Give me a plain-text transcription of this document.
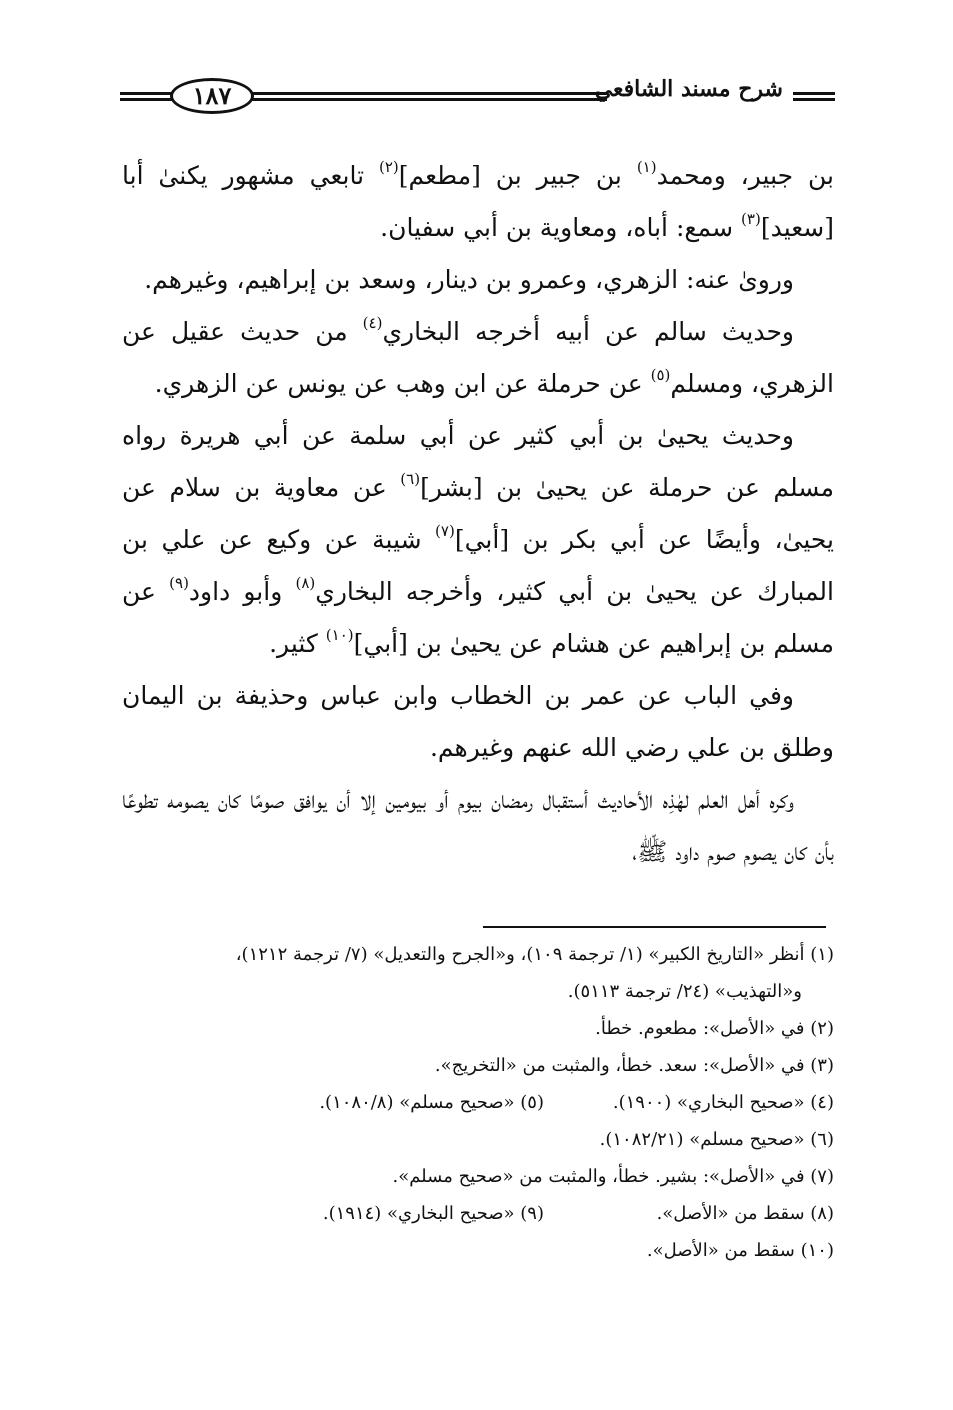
شرح مسند الشافعي
١٨٧

بن جبير، ومحمد$^{(١)}$ بن جبير بن [مطعم]$^{(٢)}$ تابعي مشهور يكنىٰ أبا [سعيد]$^{(٣)}$ سمع: أباه، ومعاوية بن أبي سفيان.

ورویٰ عنه: الزهري، وعمرو بن دينار، وسعد بن إبراهيم، وغيرهم.

وحديث سالم عن أبيه أخرجه البخاري$^{(٤)}$ من حديث عقيل عن الزهري، ومسلم$^{(٥)}$ عن حرملة عن ابن وهب عن يونس عن الزهري.

وحديث يحيىٰ بن أبي كثير عن أبي سلمة عن أبي هريرة رواه مسلم عن حرملة عن يحيىٰ بن [بشر]$^{(٦)}$ عن معاوية بن سلام عن يحيىٰ، وأيضًا عن أبي بكر بن [أبي]$^{(٧)}$ شيبة عن وكيع عن علي بن المبارك عن يحيىٰ بن أبي كثير، وأخرجه البخاري$^{(٨)}$ وأبو داود$^{(٩)}$ عن مسلم بن إبراهيم عن هشام عن يحيىٰ بن [أبي]$^{(١٠)}$ كثير.

وفي الباب عن عمر بن الخطاب وابن عباس وحذيفة بن اليمان وطلق بن علي رضي الله عنهم وغيرهم.

وكره أهل العلم لهٰذِه الأحاديث أستقبال رمضان بيوم أو بيومين إلا أن يوافق صومًا كان يصومه تطوعًا بأن كان يصوم صوم داود ﷺ،

(١) أنظر «التاريخ الكبير» (١/ ترجمة ١٠٩)، و«الجرح والتعديل» (٧/ ترجمة ١٢١٢)،
و«التهذيب» (٢٤/ ترجمة ٥١١٣).
(٢) في «الأصل»: مطعوم. خطأ.
(٣) في «الأصل»: سعد. خطأ، والمثبت من «التخريج».
(٤) «صحيح البخاري» (١٩٠٠).
(٥) «صحيح مسلم» (١٠٨٠/٨).
(٦) «صحيح مسلم» (١٠٨٢/٢١).
(٧) في «الأصل»: بشير. خطأ، والمثبت من «صحيح مسلم».
(٨) سقط من «الأصل».
(٩) «صحيح البخاري» (١٩١٤).
(١٠) سقط من «الأصل».
